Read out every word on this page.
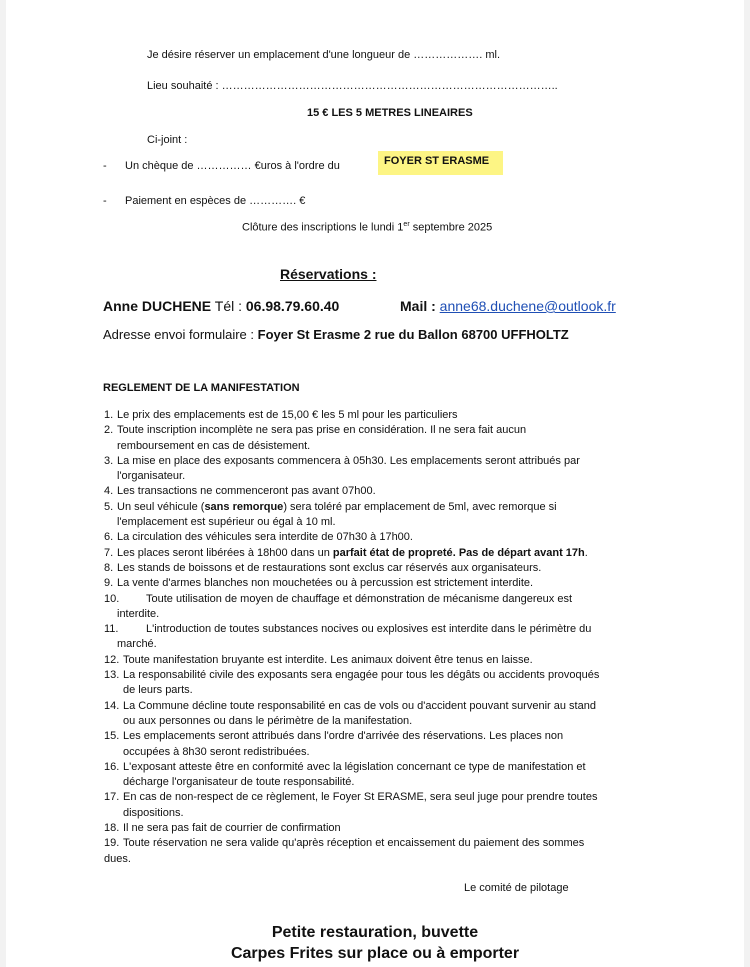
Je désire réserver un emplacement d'une longueur de ………………. ml.
Lieu souhaité : ………………………………………………………………………………..
15 € LES 5 METRES LINEAIRES
Ci-joint :
- Un chèque de …………… €uros à l'ordre du	FOYER ST ERASME
- Paiement en espèces de …………. €
Clôture des inscriptions le lundi 1er septembre 2025
Réservations :
Anne DUCHENE Tél : 06.98.79.60.40	Mail : anne68.duchene@outlook.fr
Adresse envoi formulaire : Foyer St Erasme 2 rue du Ballon 68700 UFFHOLTZ
REGLEMENT DE LA MANIFESTATION
1. Le prix des emplacements est de 15,00 € les 5 ml pour les particuliers
2. Toute inscription incomplète ne sera pas prise en considération. Il ne sera fait aucun
remboursement en cas de désistement.
3. La mise en place des exposants commencera à 05h30. Les emplacements seront attribués par
l'organisateur.
4. Les transactions ne commenceront pas avant 07h00.
5. Un seul véhicule (sans remorque) sera toléré par emplacement de 5ml, avec remorque si
l'emplacement est supérieur ou égal à 10 ml.
6. La circulation des véhicules sera interdite de 07h30 à 17h00.
7. Les places seront libérées à 18h00 dans un parfait état de propreté. Pas de départ avant 17h.
8. Les stands de boissons et de restaurations sont exclus car réservés aux organisateurs.
9. La vente d'armes blanches non mouchetées ou à percussion est strictement interdite.
10.	Toute utilisation de moyen de chauffage et démonstration de mécanisme dangereux est
interdite.
11.	L'introduction de toutes substances nocives ou explosives est interdite dans le périmètre du
marché.
12. Toute manifestation bruyante est interdite. Les animaux doivent être tenus en laisse.
13. La responsabilité civile des exposants sera engagée pour tous les dégâts ou accidents provoqués
de leurs parts.
14. La Commune décline toute responsabilité en cas de vols ou d'accident pouvant survenir au stand
ou aux personnes ou dans le périmètre de la manifestation.
15. Les emplacements seront attribués dans l'ordre d'arrivée des réservations. Les places non
occupées à 8h30 seront redistribuées.
16. L'exposant atteste être en conformité avec la législation concernant ce type de manifestation et
décharge l'organisateur de toute responsabilité.
17. En cas de non-respect de ce règlement, le Foyer St ERASME, sera seul juge pour prendre toutes
dispositions.
18. Il ne sera pas fait de courrier de confirmation
19. Toute réservation ne sera valide qu'après réception et encaissement du paiement des sommes
dues.
Le comité de pilotage
Petite restauration, buvette
Carpes Frites sur place ou à emporter
